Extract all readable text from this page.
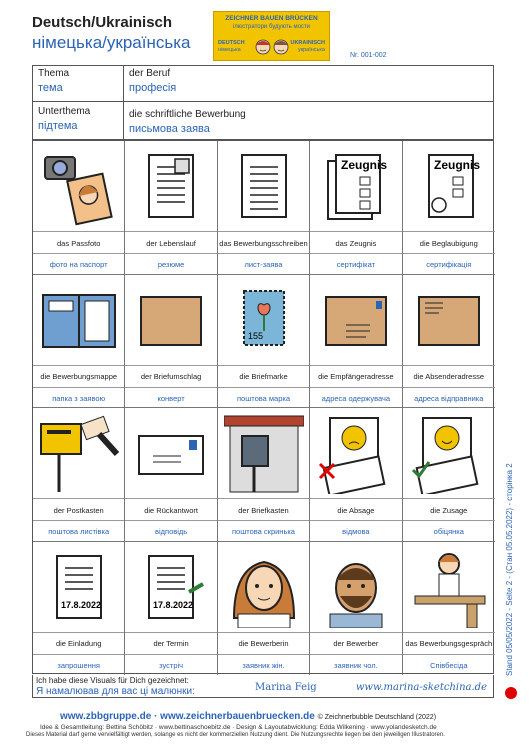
Deutsch/Ukrainisch
німецька/українська
ZEICHNER BAUEN BRÜCKEN
ілюстратори будують мости
DEUTSCH
німецька
UKRAINISCH
українська
Nr. 001-002
Thema
тема
der Beruf
професія
Unterthema
підтема
die schriftliche Bewerbung
письмова заява
das Passfoto
фото на паспорт
der Lebenslauf
резюме
das Bewerbungsschreiben
лист-заява
Zeugnis
das Zeugnis
сертифікат
Zeugnis
die Beglaubigung
сертифікація
die Bewerbungsmappe
папка з заявою
der Briefumschlag
конверт
155
die Briefmarke
поштова марка
die Empfängeradresse
адреса одержувача
die Absenderadresse
адреса відправника
der Postkasten
поштова листівка
die Rückantwort
відповідь
der Briefkasten
поштова скринька
die Absage
відмова
die Zusage
обіцянка
17.8.2022
die Einladung
запрошення
17.8.2022
der Termin
зустріч
die Bewerberin
заявник жін.
der Bewerber
заявник чол.
das Bewerbungsgespräch
Співбесіда
Ich habe diese Visuals für Dich gezeichnet:
Я намалював для вас ці малюнки:	Marina Feig	www.marina-sketchina.de
Stand 05/05/2022 - Seite 2 - (Стан 05.05.2022) - сторінка 2
www.zbbgruppe.de · www.zeichnerbauenbruecken.de © Zeichnerbubble Deutschland (2022)
Idee & Gesamtleitung: Bettina Schöbitz · www.bettinaschoebitz.de · Design & Layoutabwicklung: Edda Wilkening · www.yolandesketch.de
Dieses Material darf gerne vervielfältigt werden, solange es nicht der kommerziellen Nutzung dient. Die Nutzungsrechte liegen bei den jeweiligen Illustratoren.
